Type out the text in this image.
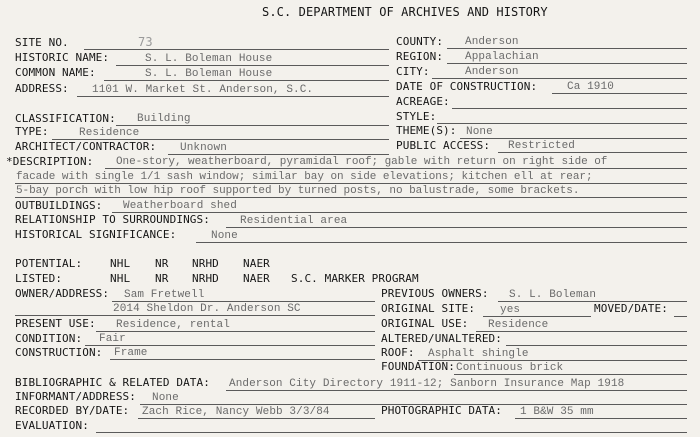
S.C. DEPARTMENT OF ARCHIVES AND HISTORY
SITE NO.	73
HISTORIC NAME:	S. L. Boleman House
COMMON NAME:	S. L. Boleman House
ADDRESS: 1101 W. Market St. Anderson, S.C.
CLASSIFICATION: Building
TYPE:	Residence
ARCHITECT/CONTRACTOR: Unknown
COUNTY: Anderson
REGION: Appalachian
CITY:	Anderson
DATE OF CONSTRUCTION:	Ca 1910
ACREAGE:
STYLE:
THEME(S): None
PUBLIC ACCESS: Restricted
*DESCRIPTION: One-story, weatherboard, pyramidal roof; gable with return on right side of
facade with single 1/1 sash window; similar bay on side elevations; kitchen ell at rear;
5-bay porch with low hip roof supported by turned posts, no balustrade, some brackets.
OUTBUILDINGS: Weatherboard shed
RELATIONSHIP TO SURROUNDINGS:	Residential area
HISTORICAL SIGNIFICANCE:	None
POTENTIAL:	NHL NR NRHD NAER
LISTED:	NHL NR NRHD NAER S.C. MARKER PROGRAM
OWNER/ADDRESS: Sam Fretwell
2014 Sheldon Dr. Anderson SC
PRESENT USE: Residence, rental
CONDITION: Fair
CONSTRUCTION: Frame
PREVIOUS OWNERS: S. L. Boleman
ORIGINAL SITE: yes	MOVED/DATE:
ORIGINAL USE: Residence
ALTERED/UNALTERED:
ROOF: Asphalt shingle
FOUNDATION: Continuous brick
BIBLIOGRAPHIC & RELATED DATA: Anderson City Directory 1911-12; Sanborn Insurance Map 1918
INFORMANT/ADDRESS: None
RECORDED BY/DATE: Zach Rice, Nancy Webb 3/3/84	PHOTOGRAPHIC DATA: 1 B&W 35 mm
EVALUATION:
